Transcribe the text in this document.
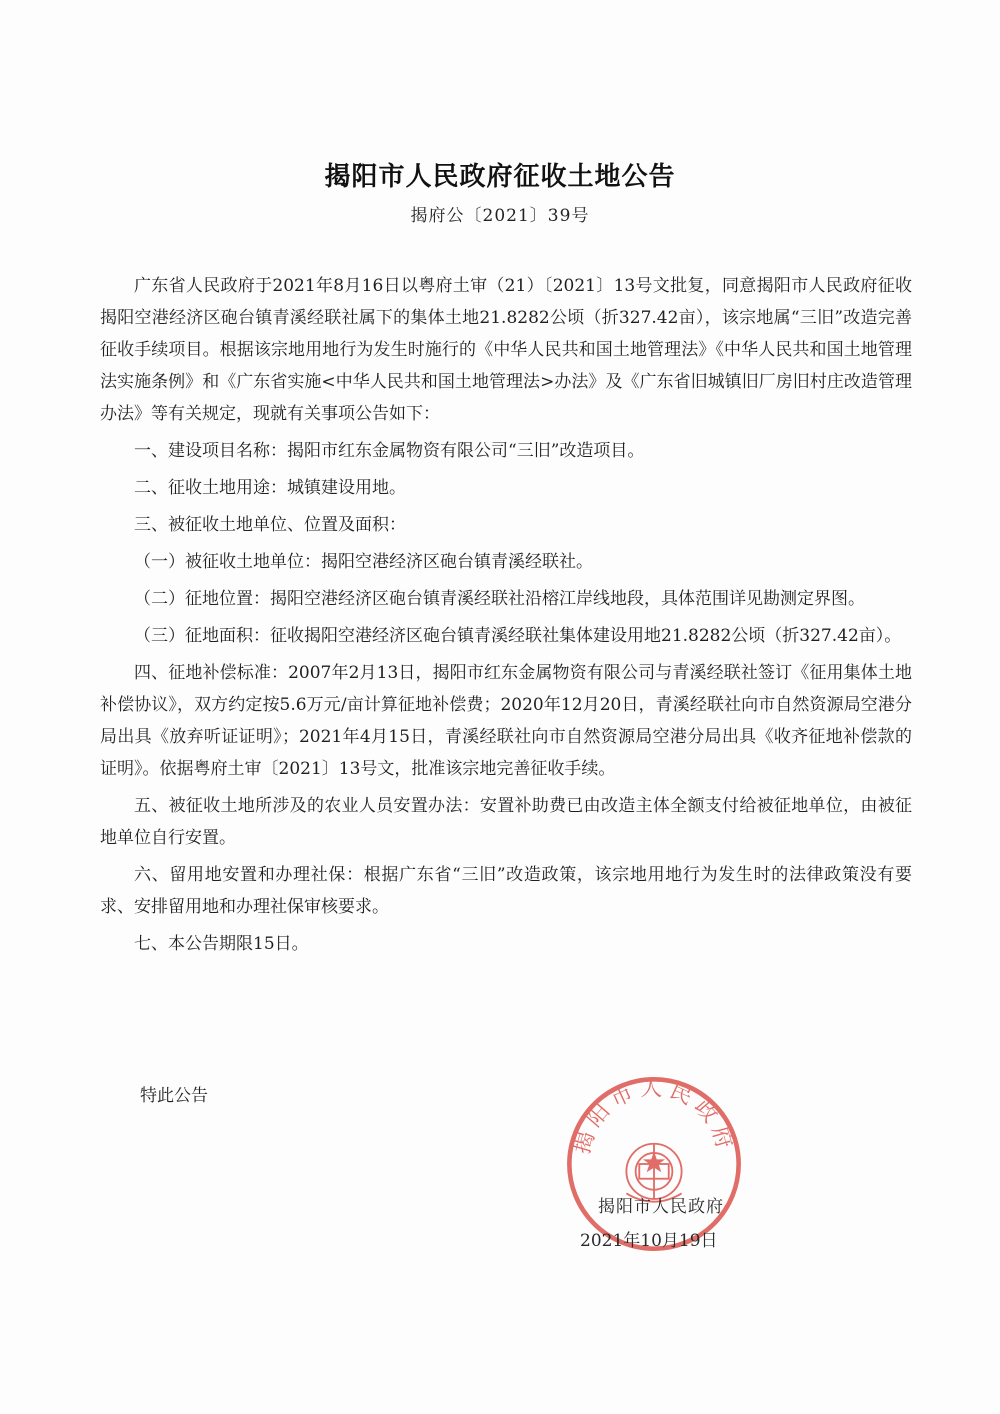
揭阳市人民政府征收土地公告
揭府公〔2021〕39号

广东省人民政府于2021年8月16日以粤府土审（21）〔2021〕13号文批复，同意揭阳市人民政府征收揭阳空港经济区砲台镇青溪经联社属下的集体土地21.8282公顷（折327.42亩），该宗地属“三旧”改造完善征收手续项目。根据该宗地用地行为发生时施行的《中华人民共和国土地管理法》《中华人民共和国土地管理法实施条例》和《广东省实施<中华人民共和国土地管理法>办法》及《广东省旧城镇旧厂房旧村庄改造管理办法》等有关规定，现就有关事项公告如下：

一、建设项目名称：揭阳市红东金属物资有限公司“三旧”改造项目。

二、征收土地用途：城镇建设用地。

三、被征收土地单位、位置及面积：

（一）被征收土地单位：揭阳空港经济区砲台镇青溪经联社。

（二）征地位置：揭阳空港经济区砲台镇青溪经联社沿榕江岸线地段，具体范围详见勘测定界图。

（三）征地面积：征收揭阳空港经济区砲台镇青溪经联社集体建设用地21.8282公顷（折327.42亩）。

四、征地补偿标准：2007年2月13日，揭阳市红东金属物资有限公司与青溪经联社签订《征用集体土地补偿协议》，双方约定按5.6万元/亩计算征地补偿费；2020年12月20日，青溪经联社向市自然资源局空港分局出具《放弃听证证明》；2021年4月15日，青溪经联社向市自然资源局空港分局出具《收齐征地补偿款的证明》。依据粤府土审〔2021〕13号文，批准该宗地完善征收手续。

五、被征收土地所涉及的农业人员安置办法：安置补助费已由改造主体全额支付给被征地单位，由被征地单位自行安置。

六、留用地安置和办理社保：根据广东省“三旧”改造政策，该宗地用地行为发生时的法律政策没有要求、安排留用地和办理社保审核要求。

七、本公告期限15日。

特此公告
揭阳市人民政府
揭阳市人民政府
2021年10月19日
